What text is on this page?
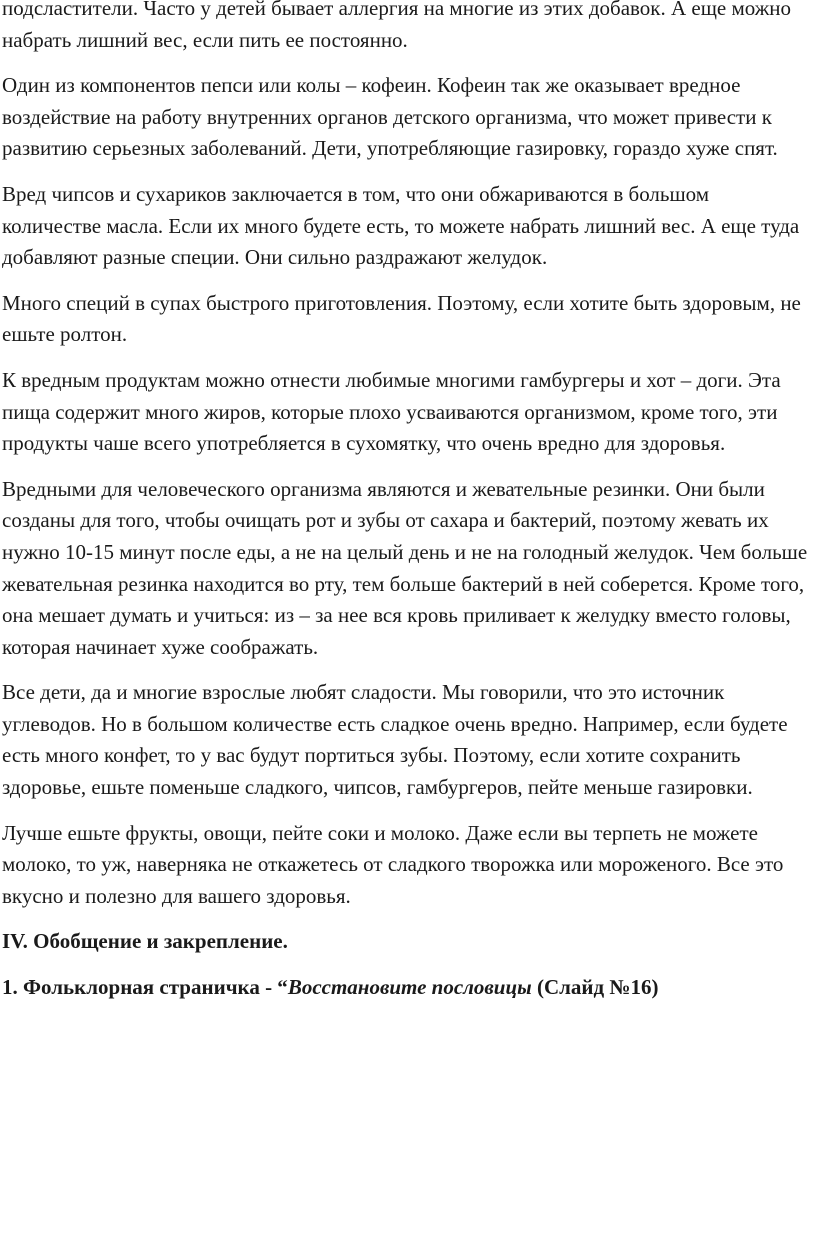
подсластители. Часто у детей бывает аллергия на многие из этих добавок. А еще можно набрать лишний вес, если пить ее постоянно.

Один из компонентов пепси или колы – кофеин. Кофеин так же оказывает вредное воздействие на работу внутренних органов детского организма, что может привести к развитию серьезных заболеваний. Дети, употребляющие газировку, гораздо хуже спят.

Вред чипсов и сухариков заключается в том, что они обжариваются в большом количестве масла. Если их много будете есть, то можете набрать лишний вес. А еще туда добавляют разные специи. Они сильно раздражают желудок.

Много специй в супах быстрого приготовления. Поэтому, если хотите быть здоровым, не ешьте ролтон.

К вредным продуктам можно отнести любимые многими гамбургеры и хот – доги. Эта пища содержит много жиров, которые плохо усваиваются организмом, кроме того, эти продукты чаше всего употребляется в сухомятку, что очень вредно для здоровья.

Вредными для человеческого организма являются и жевательные резинки. Они были созданы для того, чтобы очищать рот и зубы от сахара и бактерий, поэтому жевать их нужно 10-15 минут после еды, а не на целый день и не на голодный желудок. Чем больше жевательная резинка находится во рту, тем больше бактерий в ней соберется. Кроме того, она мешает думать и учиться: из – за нее вся кровь приливает к желудку вместо головы, которая начинает хуже соображать.

Все дети, да и многие взрослые любят сладости. Мы говорили, что это источник углеводов. Но в большом количестве есть сладкое очень вредно. Например, если будете есть много конфет, то у вас будут портиться зубы. Поэтому, если хотите сохранить здоровье, ешьте поменьше сладкого, чипсов, гамбургеров, пейте меньше газировки.

Лучше ешьте фрукты, овощи, пейте соки и молоко. Даже если вы терпеть не можете молоко, то уж, наверняка не откажетесь от сладкого творожка или мороженого. Все это вкусно и полезно для вашего здоровья.

IV. Обобщение и закрепление.

1. Фольклорная страничка - “Восстановите пословицы (Слайд №16)
